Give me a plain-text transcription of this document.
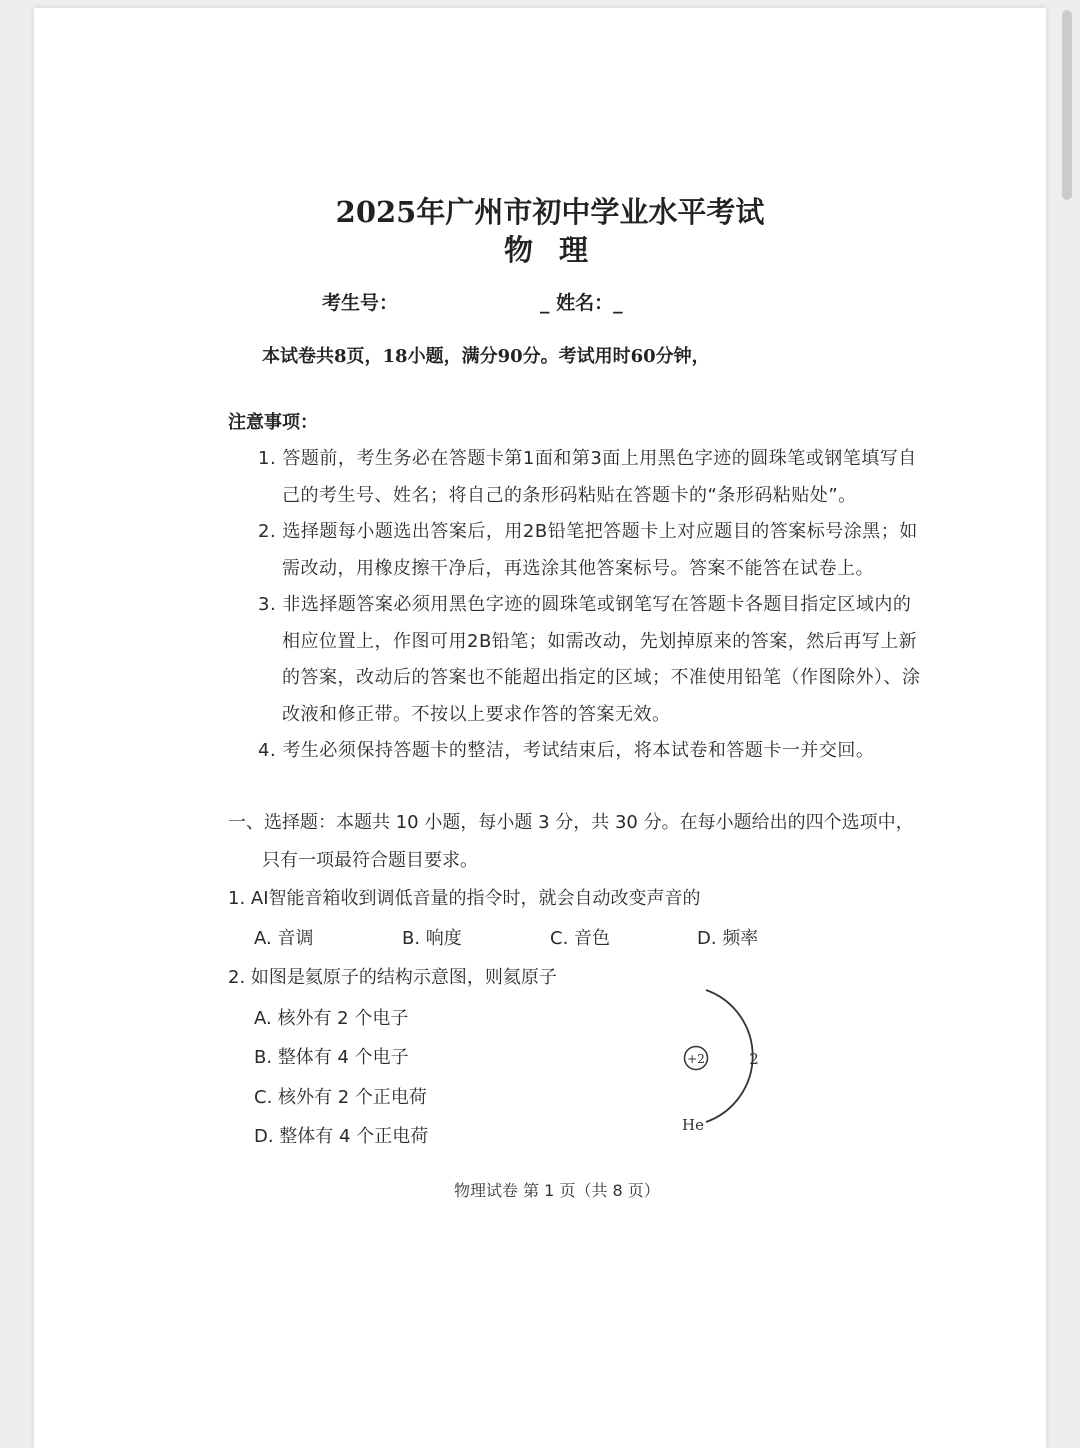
2025年广州市初中学业水平考试
物 理
考生号：	_ 姓名：_
本试卷共8页，18小题，满分90分。考试用时60分钟，
注意事项：
1. 答题前，考生务必在答题卡第1面和第3面上用黑色字迹的圆珠笔或钢笔填写自
己的考生号、姓名；将自己的条形码粘贴在答题卡的“条形码粘贴处”。
2. 选择题每小题选出答案后，用2B铅笔把答题卡上对应题目的答案标号涂黑；如
需改动，用橡皮擦干净后，再选涂其他答案标号。答案不能答在试卷上。
3. 非选择题答案必须用黑色字迹的圆珠笔或钢笔写在答题卡各题目指定区域内的
相应位置上，作图可用2B铅笔；如需改动，先划掉原来的答案，然后再写上新
的答案，改动后的答案也不能超出指定的区域；不准使用铅笔（作图除外）、涂
改液和修正带。不按以上要求作答的答案无效。
4. 考生必须保持答题卡的整洁，考试结束后，将本试卷和答题卡一并交回。
一、选择题：本题共 10 小题，每小题 3 分，共 30 分。在每小题给出的四个选项中，
只有一项最符合题目要求。
1. AI智能音箱收到调低音量的指令时，就会自动改变声音的
A. 音调	B. 响度	C. 音色	D. 频率
2. 如图是氦原子的结构示意图，则氦原子
A. 核外有 2 个电子
B. 整体有 4 个电子
C. 核外有 2 个正电荷
D. 整体有 4 个正电荷
+2	2
He
物理试卷 第 1 页（共 8 页）
